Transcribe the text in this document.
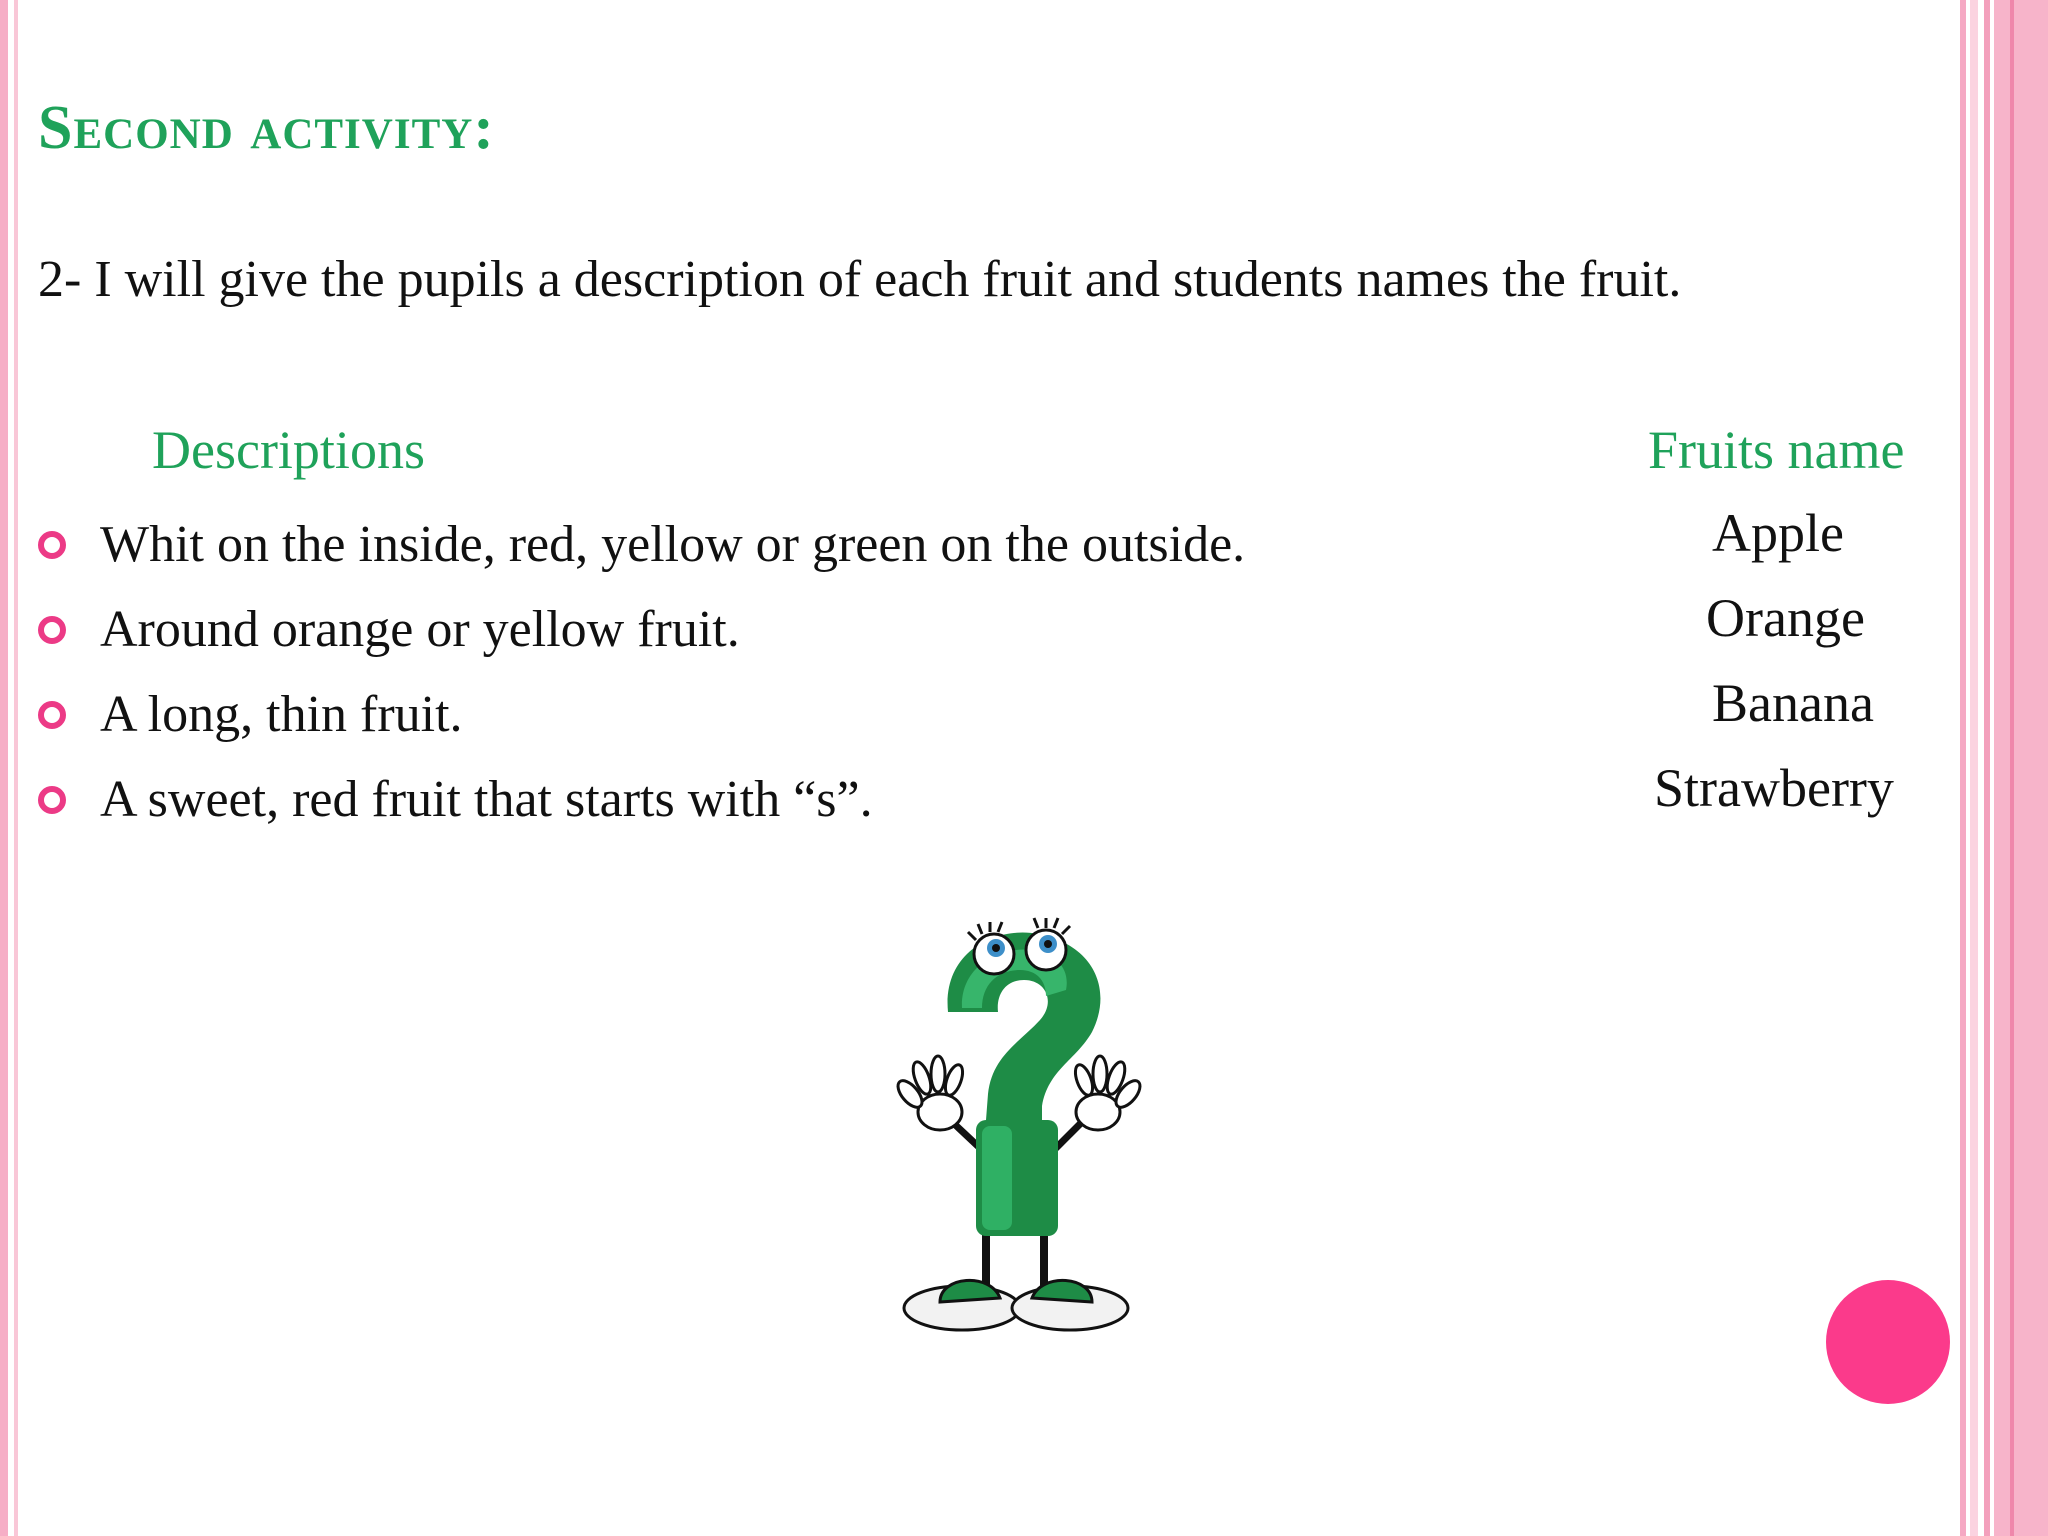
Second activity:

2- I will give the pupils a description of each fruit and students names the fruit.

Descriptions	Fruits name
Whit on the inside, red, yellow or green on the outside.
Around orange or yellow fruit.
A long, thin fruit.
A sweet, red fruit that starts with “s”.
Apple
Orange
Banana
Strawberry
